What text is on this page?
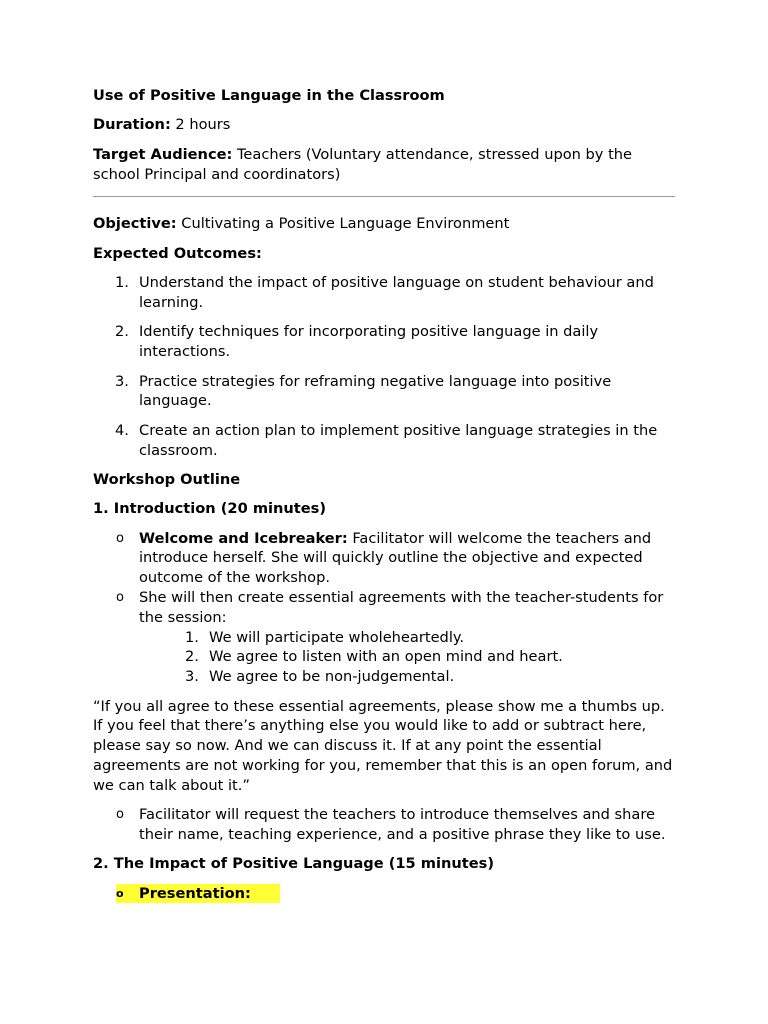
Use of Positive Language in the Classroom

Duration: 2 hours

Target Audience: Teachers (Voluntary attendance, stressed upon by the school Principal and coordinators)

Objective: Cultivating a Positive Language Environment

Expected Outcomes:

1. Understand the impact of positive language on student behaviour and learning.
2. Identify techniques for incorporating positive language in daily interactions.
3. Practice strategies for reframing negative language into positive language.
4. Create an action plan to implement positive language strategies in the classroom.

Workshop Outline

1. Introduction (20 minutes)

o Welcome and Icebreaker: Facilitator will welcome the teachers and introduce herself. She will quickly outline the objective and expected outcome of the workshop.
o She will then create essential agreements with the teacher-students for the session:
1. We will participate wholeheartedly.
2. We agree to listen with an open mind and heart.
3. We agree to be non-judgemental.

“If you all agree to these essential agreements, please show me a thumbs up. If you feel that there’s anything else you would like to add or subtract here, please say so now. And we can discuss it. If at any point the essential agreements are not working for you, remember that this is an open forum, and we can talk about it.”

o Facilitator will request the teachers to introduce themselves and share their name, teaching experience, and a positive phrase they like to use.

2. The Impact of Positive Language (15 minutes)

o Presentation:
